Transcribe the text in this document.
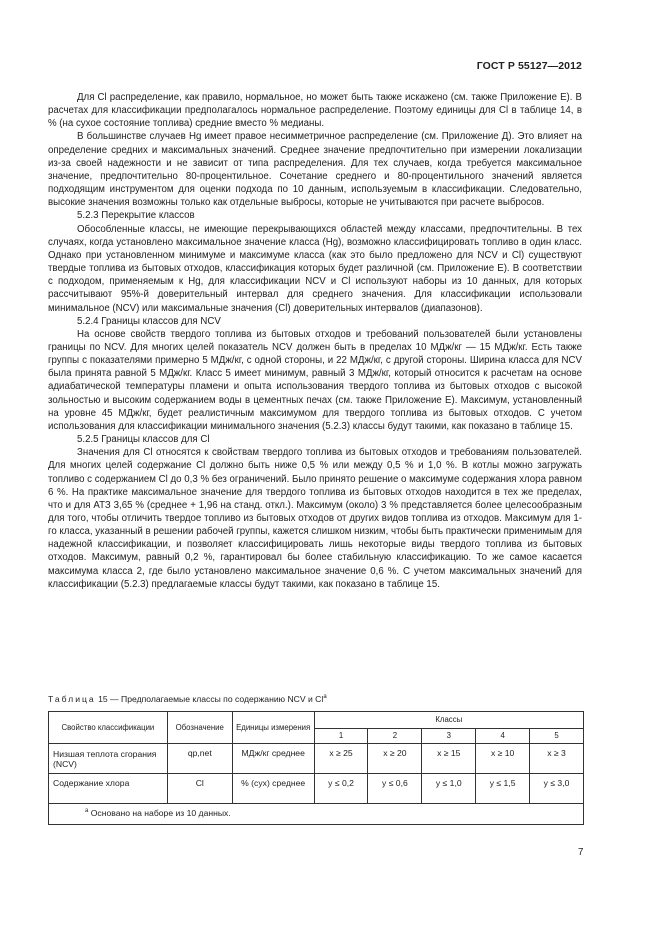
ГОСТ Р 55127—2012

Для Cl распределение, как правило, нормальное, но может быть также искажено (см. также Приложение Е). В расчетах для классификации предполагалось нормальное распределение. Поэтому единицы для Cl в таблице 14, в % (на сухое состояние топлива) средние вместо % медианы.

В большинстве случаев Hg имеет правое несимметричное распределение (см. Приложение Д). Это влияет на определение средних и максимальных значений. Среднее значение предпочтительно при измерении локализации из-за своей надежности и не зависит от типа распределения. Для тех случаев, когда требуется максимальное значение, предпочтительно 80-процентильное. Сочетание среднего и 80-процентильного значений является подходящим инструментом для оценки подхода по 10 данным, используемым в классификации. Следовательно, высокие значения возможны только как отдельные выбросы, которые не учитываются при расчете выбросов.

5.2.3 Перекрытие классов

Обособленные классы, не имеющие перекрывающихся областей между классами, предпочтительны. В тех случаях, когда установлено максимальное значение класса (Hg), возможно классифицировать топливо в один класс. Однако при установленном минимуме и максимуме класса (как это было предложено для NCV и Cl) существуют твердые топлива из бытовых отходов, классификация которых будет различной (см. Приложение Е). В соответствии с подходом, применяемым к Hg, для классификации NCV и Cl используют наборы из 10 данных, для которых рассчитывают 95%-й доверительный интервал для среднего значения. Для классификации использовали минимальное (NCV) или максимальные значения (Cl) доверительных интервалов (диапазонов).

5.2.4 Границы классов для NCV

На основе свойств твердого топлива из бытовых отходов и требований пользователей были установлены границы по NCV. Для многих целей показатель NCV должен быть в пределах 10 МДж/кг — 15 МДж/кг. Есть также группы с показателями примерно 5 МДж/кг, с одной стороны, и 22 МДж/кг, с другой стороны. Ширина класса для NCV была принята равной 5 МДж/кг. Класс 5 имеет минимум, равный 3 МДж/кг, который относится к расчетам на основе адиабатической температуры пламени и опыта использования твердого топлива из бытовых отходов с высокой зольностью и высоким содержанием воды в цементных печах (см. также Приложение Е). Максимум, установленный на уровне 45 МДж/кг, будет реалистичным максимумом для твердого топлива из бытовых отходов. С учетом использования для классификации минимального значения (5.2.3) классы будут такими, как показано в таблице 15.

5.2.5 Границы классов для Cl

Значения для Cl относятся к свойствам твердого топлива из бытовых отходов и требованиям пользователей. Для многих целей содержание Cl должно быть ниже 0,5 % или между 0,5 % и 1,0 %. В котлы можно загружать топливо с содержанием Cl до 0,3 % без ограничений. Было принято решение о максимуме содержания хлора равном 6 %. На практике максимальное значение для твердого топлива из бытовых отходов находится в тех же пределах, что и для АТЗ 3,65 % (среднее + 1,96 на станд. откл.). Максимум (около) 3 % представляется более целесообразным для того, чтобы отличить твердое топливо из бытовых отходов от других видов топлива из отходов. Максимум для 1-го класса, указанный в решении рабочей группы, кажется слишком низким, чтобы быть практически применимым для надежной классификации, и позволяет классифицировать лишь некоторые виды твердого топлива из бытовых отходов. Максимум, равный 0,2 %, гарантировал бы более стабильную классификацию. То же самое касается максимума класса 2, где было установлено максимальное значение 0,6 %. С учетом максимальных значений для классификации (5.2.3) предлагаемые классы будут такими, как показано в таблице 15.

Таблица 15 — Предполагаемые классы по содержанию NCV и $Cl^а$
Свойство классификации	Обозначение	Единицы измерения	Классы				
			1	2	3	4	5
Низшая теплота сгорания (NCV)	qp,net	МДж/кг среднее	x ≥ 25	x ≥ 20	x ≥ 15	x ≥ 10	x ≥ 3
Содержание хлора	Cl	% (сух) среднее	y ≤ 0,2	y ≤ 0,6	y ≤ 1,0	y ≤ 1,5	y ≤ 3,0
$^а$ Основано на наборе из 10 данных.							
7
